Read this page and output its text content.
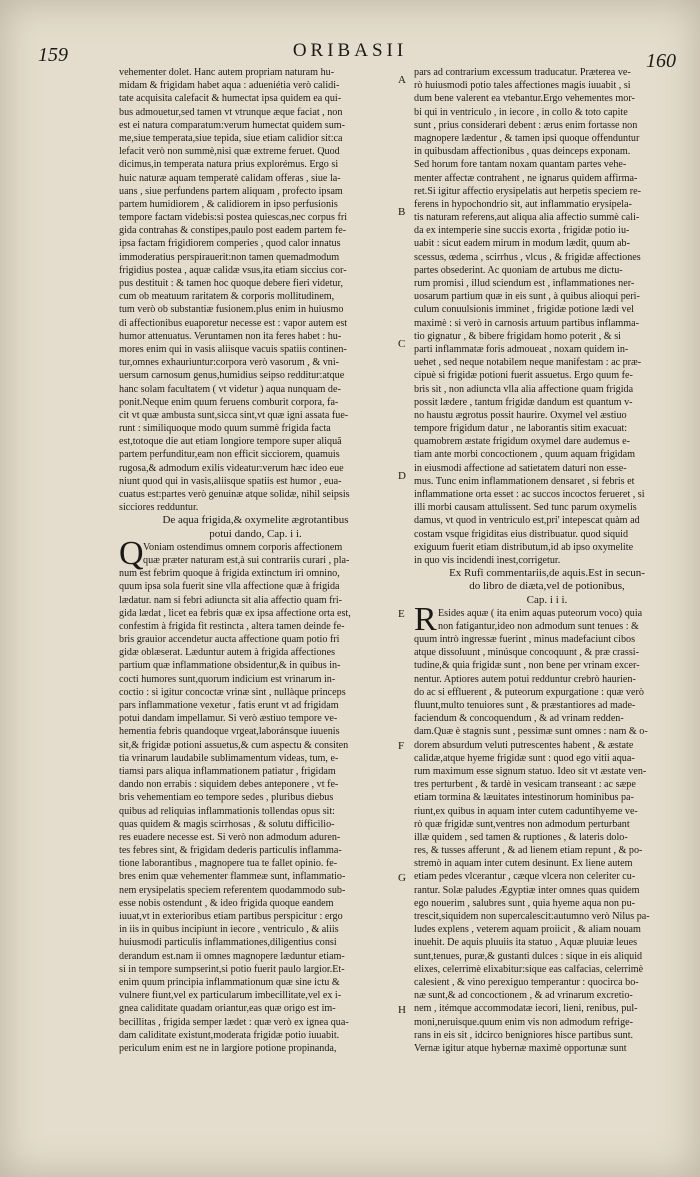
159	ORIBASII	160
vehementer dolet. Hanc autem propriam naturam hu-
midam & frigidam habet aqua : adueniétia verò calidi-
tate acquisita calefacit & humectat ipsa quidem ea qui-
bus admouetur,sed tamen vt vtrunque æque faciat , non
est ei natura comparatum:verum humectat quidem sum-
me,siue temperata,siue tepida, siue etiam calidior sit:ca
lefacit verò non summè,nisi quæ extreme feruet. Quod
dicimus,in temperata natura prius explorémus. Ergo si
huic naturæ aquam temperatè calidam offeras , siue la-
uans , siue perfundens partem aliquam , profecto ipsam
partem humidiorem , & calidiorem in ipso perfusionis
tempore factam videbis:si postea quiescas,nec corpus fri
gida contrahas & constipes,paulo post eadem partem fe-
ipsa factam frigidiorem comperies , quod calor innatus
immoderatius perspirauerit:non tamen quemadmodum
frigidius postea , aquæ calidæ vsus,ita etiam siccius cor-
pus destituit : & tamen hoc quoque debere fieri videtur,
cum ob meatuum raritatem & corporis mollitudinem,
tum verò ob substantiæ fusionem.plus enim in huiusmo
di affectionibus euaporetur necesse est : vapor autem est
humor attenuatus. Veruntamen non ita feres habet : hu-
mores enim qui in vasis aliisque vacuis spatiis continen-
tur,omnes exhauriuntur:corpora verò vasorum , & vni-
uersum carnosum genus,humidius seipso redditur:atque
hanc solam facultatem ( vt videtur ) aqua nunquam de-
ponit.Neque enim quum feruens comburit corpora, fa-
cit vt quæ ambusta sunt,sicca sint,vt quæ igni assata fue-
runt : similiquoque modo quum summè frigida facta
est,totoque die aut etiam longiore tempore super aliquã
partem perfunditur,eam non efficit sicciorem, quamuis
rugosa,& admodum exilis videatur:verum hæc ideo eue
niunt quod qui in vasis,aliisque spatiis est humor , eua-
cuatus est:partes verò genuinæ atque solidæ, nihil seipsis
sicciores redduntur.
De aqua frigida,& oxymelite ægrotantibus
potui dando, Cap. i i.
Q Voniam ostendimus omnem corporis affectionem
quæ præter naturam est,à sui contrariis curari , pla-
num est febrim quoque à frigida extinctum iri omnino,
quum ipsa sola fuerit sine vlla affectione quæ à frigida
lædatur. nam si febri adiuncta sit alia affectio quam fri-
gida lædat , licet ea febris quæ ex ipsa affectione orta est,
confestim à frigida fit restincta , altera tamen deinde fe-
bris grauior accendetur aucta affectione quam potio fri
gidæ oblæserat. Læduntur autem à frigida affectiones
partium quæ inflammatione obsidentur,& in quibus in-
cocti humores sunt,quorum indicium est vrinarum in-
coctio : si igitur concoctæ vrinæ sint , nullàque princeps
pars inflammatione vexetur , fatis erunt vt ad frigidam
potui dandam impellamur. Si verò æstiuo tempore ve-
hementia febris quandoque vrgeat,laboránsque iuuenis
sit,& frigidæ potioni assuetus,& cum aspectu & consiten
tia vrinarum laudabile sublimamentum videas, tum, e-
tiamsi pars aliqua inflammationem patiatur , frigidam
dando non errabis : siquidem debes anteponere , vt fe-
bris vehementiam eo tempore sedes , pluribus diebus
quibus ad reliquias inflammationis tollendas opus sit:
quas quidem & magis scirrhosas , & solutu difficilio-
res euadere necesse est. Si verò non admodum aduren-
tes febres sint, & frigidam dederis particulis inflamma-
tione laborantibus , magnopere tua te fallet opinio. fe-
bres enim quæ vehementer flammeæ sunt, inflammatio-
nem erysipelatis speciem referentem quodammodo sub-
esse nobis ostendunt , & ideo frigida quoque eandem
iuuat,vt in exterioribus etiam partibus perspicitur : ergo
in iis in quibus incipiunt in iecore , ventriculo , & aliis
huiusmodi particulis inflammationes,diligentius consi
derandum est.nam ii omnes magnopere læduntur etiam-
si in tempore sumpserint,si potio fuerit paulo largior.Et-
enim quum principia inflammationum quæ sine ictu &
vulnere fiunt,vel ex particularum imbecillitate,vel ex i-
gnea caliditate quadam oriantur,eas quæ origo est im-
becillitas , frigida semper lædet : quæ verò ex ignea qua-
dam caliditate existunt,moderata frigidæ potio iuuabit.
periculum enim est ne in largiore potione propinanda,
pars ad contrarium excessum traducatur. Præterea ve-
rò huiusmodi potio tales affectiones magis iuuabit , si
dum bene valerent ea vtebantur.Ergo vehementes mor-
bi qui in ventriculo , in iecore , in collo & toto capite
sunt , prius considerari debent : ærus enim fortasse non
magnopere lædentur , & tamen ipsi quoque offenduntur
in quibusdam affectionibus , quas deinceps exponam.
Sed horum fore tantam noxam quantam partes vehe-
menter affectæ contrahent , ne ignarus quidem affirma-
ret.Si igitur affectio erysipelatis aut herpetis speciem re-
ferens in hypochondrio sit, aut inflammatio erysipela-
tis naturam referens,aut aliqua alia affectio summè cali-
da ex intemperie sine succis exorta , frigidæ potio iu-
uabit : sicut eadem mirum in modum lædit, quum ab-
scessus, œdema , scirrhus , vlcus , & frigidæ affectiones
partes obsederint. Ac quoniam de artubus me dictu-
rum promisi , illud sciendum est , inflammationes ner-
uosarum partium quæ in eis sunt , à quibus alioqui peri-
culum conuulsionis imminet , frigidæ potione lædi vel
maximè : si verò in carnosis artuum partibus inflamma-
tio gignatur , & bibere frigidam homo poterit , & si
parti inflammatæ foris admoueat , noxam quidem in-
uehet , sed neque notabilem neque manifestam : ac præ-
cipuè si frigidæ potioni fuerit assuetus. Ergo quum fe-
bris sit , non adiuncta vlla alia affectione quam frigida
possit lædere , tantum frigidæ dandum est quantum v-
no haustu ægrotus possit haurire. Oxymel vel æstiuo
tempore frigidum datur , ne laborantis sitim exacuat:
quamobrem æstate frigidum oxymel dare audemus e-
tiam ante morbi concoctionem , quum aquam frigidam
in eiusmodi affectione ad satietatem daturi non esse-
mus. Tunc enim inflammationem densaret , si febris et
inflammatione orta esset : ac succos incoctos ferueret , si
illi morbi causam attulissent. Sed tunc parum oxymelis
damus, vt quod in ventriculo est,pri' intepescat quàm ad
costam vsque frigiditas eius distribuatur. quod siquid
exiguum fuerit etiam distributum,id ab ipso oxymelite
in quo vis incidendi inest,corrigetur.
Ex Rufi commentariis,de aquis.Est in secun-
do libro de diæta,vel de potionibus,
Cap. i i i.
R Esides aquæ ( ita enim aquas puteorum voco) quia
non fatigantur,ideo non admodum sunt tenues : &
quum intrò ingressæ fuerint , minus madefaciunt cibos
atque dissoluunt , minúsque concoquunt , & præ crassi-
tudine,& quia frigidæ sunt , non bene per vrinam excer-
nentur. Aptiores autem potui redduntur crebrò haurien-
do ac si effluerent , & puteorum expurgatione : quæ verò
fluunt,multo tenuiores sunt , & præstantiores ad made-
faciendum & concoquendum , & ad vrinam redden-
dam.Quæ è stagnis sunt , pessimæ sunt omnes : nam & o-
dorem absurdum veluti putrescentes habent , & æstate
calidæ,atque hyeme frigidæ sunt : quod ego vitii aqua-
rum maximum esse signum statuo. Ideo sit vt æstate ven-
tres perturbent , & tardè in vesicam transeant : ac sæpe
etiam tormina & læuitates intestinorum hominibus pa-
riunt,ex quibus in aquam inter cutem caduntihyeme ve-
rò quæ frigidæ sunt,ventres non admodum perturbant
illæ quidem , sed tamen & ruptiones , & lateris dolo-
res, & tusses afferunt , & ad lienem etiam repunt , & po-
stremò in aquam inter cutem desinunt. Ex liene autem
etiam pedes vlcerantur , cæque vlcera non celeriter cu-
rantur. Solæ paludes Ægyptiæ inter omnes quas quidem
ego nouerim , salubres sunt , quia hyeme aqua non pu-
trescit,siquidem non supercalescit:autumno verò Nilus pa-
ludes explens , veterem aquam proiicit , & aliam nouam
inuehit. De aquis pluuiis ita statuo , Aquæ pluuiæ leues
sunt,tenues, puræ,& gustanti dulces : sique in eis aliquid
elixes, celerrimè elixabitur:sique eas calfacias, celerrimè
calesient , & vino perexiguo temperantur : quocirca bo-
næ sunt,& ad concoctionem , & ad vrinarum excretio-
nem , itémque accommodatæ iecori, lieni, renibus, pul-
moni,neruisque.quum enim vis non admodum refrige-
rans in eis sit , idcirco benigniores hisce partibus sunt.
Vernæ igitur atque hybernæ maximè opportunæ sunt
A
B
C
D
E
F
G
H
